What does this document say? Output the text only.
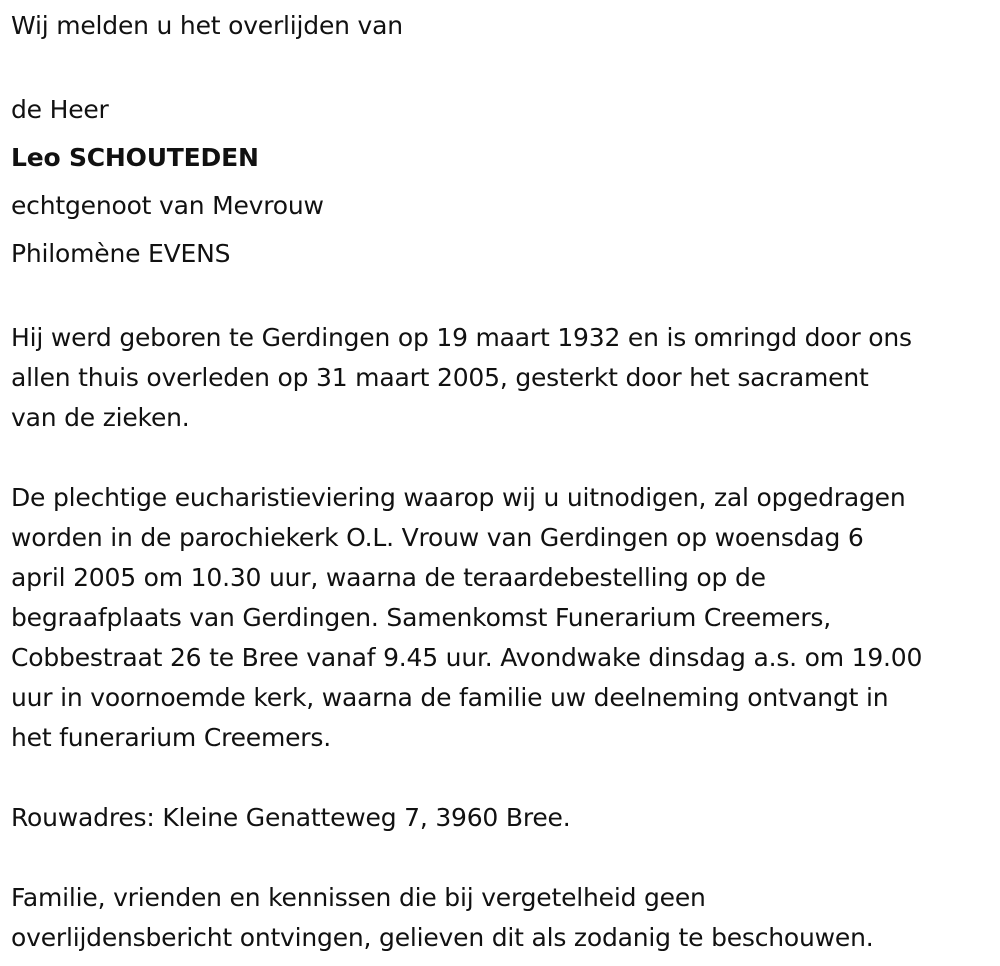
Wij melden u het overlijden van
de Heer
Leo SCHOUTEDEN
echtgenoot van Mevrouw
Philomène EVENS
Hij werd geboren te Gerdingen op 19 maart 1932 en is omringd door ons
allen thuis overleden op 31 maart 2005, gesterkt door het sacrament
van de zieken.
De plechtige eucharistieviering waarop wij u uitnodigen, zal opgedragen
worden in de parochiekerk O.L. Vrouw van Gerdingen op woensdag 6
april 2005 om 10.30 uur, waarna de teraardebestelling op de
begraafplaats van Gerdingen. Samenkomst Funerarium Creemers,
Cobbestraat 26 te Bree vanaf 9.45 uur. Avondwake dinsdag a.s. om 19.00
uur in voornoemde kerk, waarna de familie uw deelneming ontvangt in
het funerarium Creemers.
Rouwadres: Kleine Genatteweg 7, 3960 Bree.
Familie, vrienden en kennissen die bij vergetelheid geen
overlijdensbericht ontvingen, gelieven dit als zodanig te beschouwen.
